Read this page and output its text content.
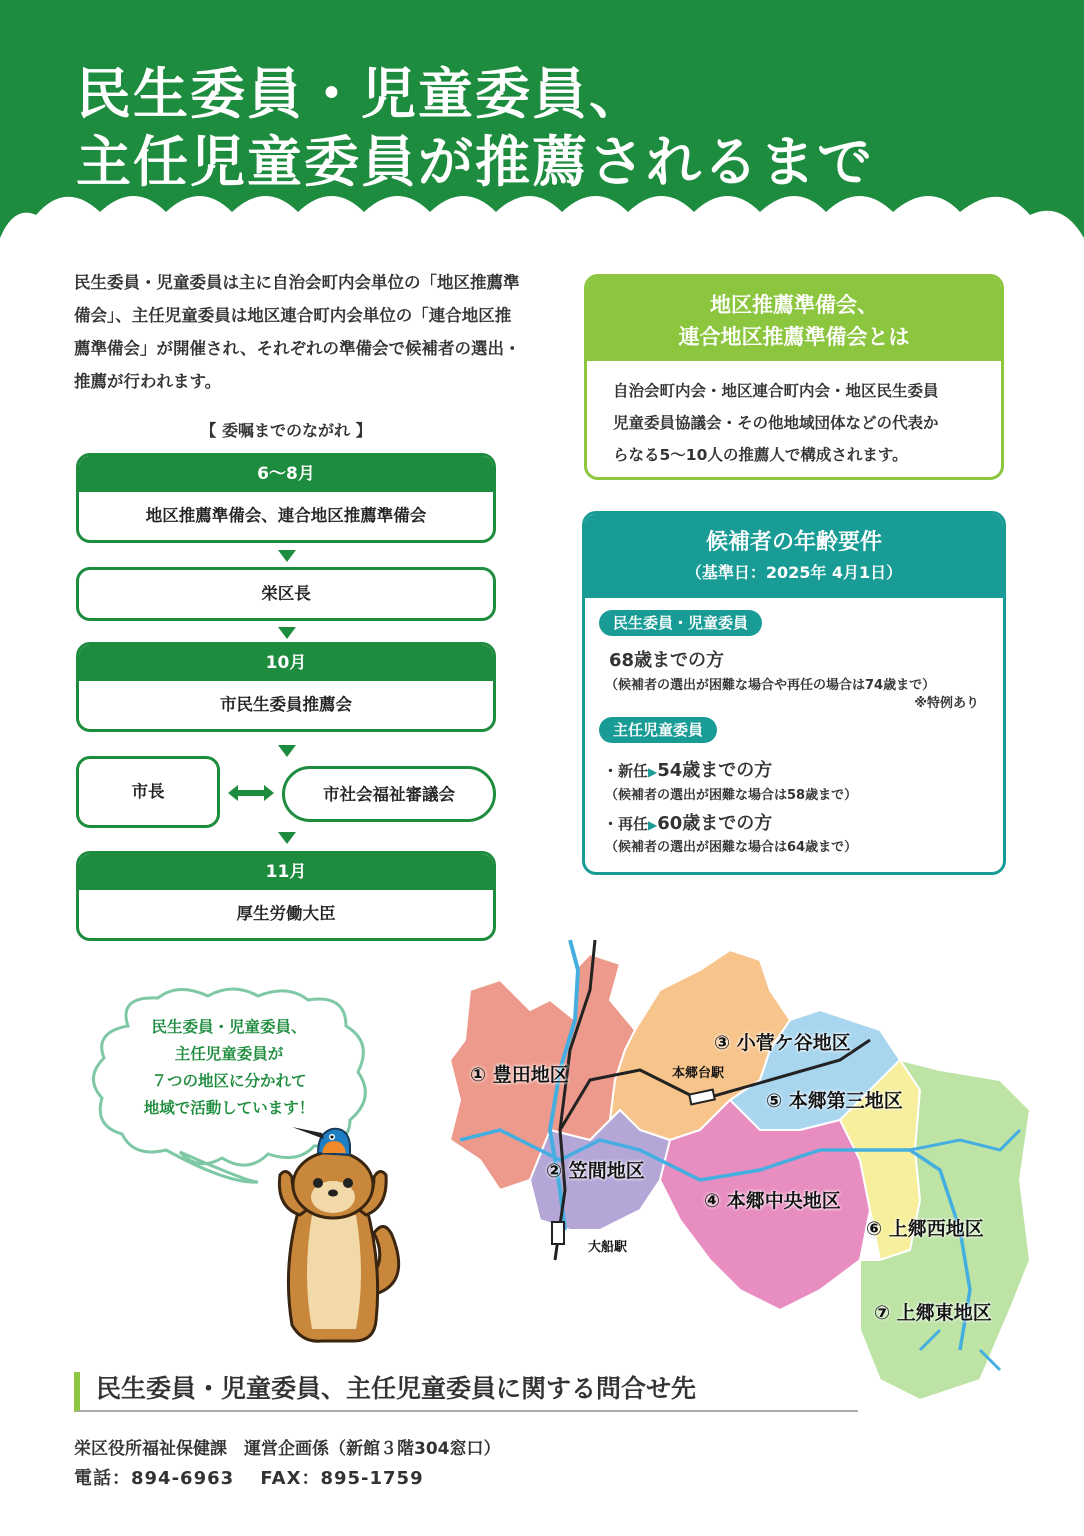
民生委員・児童委員、
主任児童委員が推薦されるまで
民生委員・児童委員は主に自治会町内会単位の「地区推薦準備会」、主任児童委員は地区連合町内会単位の「連合地区推薦準備会」が開催され、それぞれの準備会で候補者の選出・推薦が行われます。
【 委嘱までのながれ 】
6～8月
地区推薦準備会、連合地区推薦準備会
栄区長
10月
市民生委員推薦会
市長	市社会福祉審議会
11月
厚生労働大臣
地区推薦準備会、
連合地区推薦準備会とは
自治会町内会・地区連合町内会・地区民生委員
児童委員協議会・その他地域団体などの代表か
らなる5～10人の推薦人で構成されます。
候補者の年齢要件
（基準日：2025年 4月1日）
民生委員・児童委員
68歳までの方
（候補者の選出が困難な場合や再任の場合は74歳まで）
※特例あり
主任児童委員
・新任▶54歳までの方
（候補者の選出が困難な場合は58歳まで）
・再任▶60歳までの方
（候補者の選出が困難な場合は64歳まで）
民生委員・児童委員、
主任児童委員が
７つの地区に分かれて
地域で活動しています！
① 豊田地区
② 笠間地区
③ 小菅ケ谷地区
④ 本郷中央地区
⑤ 本郷第三地区
⑥ 上郷西地区
⑦ 上郷東地区
本郷台駅
大船駅
民生委員・児童委員、主任児童委員に関する問合せ先
栄区役所福祉保健課　運営企画係（新館３階304窓口）
電話：894-6963　 FAX：895-1759
